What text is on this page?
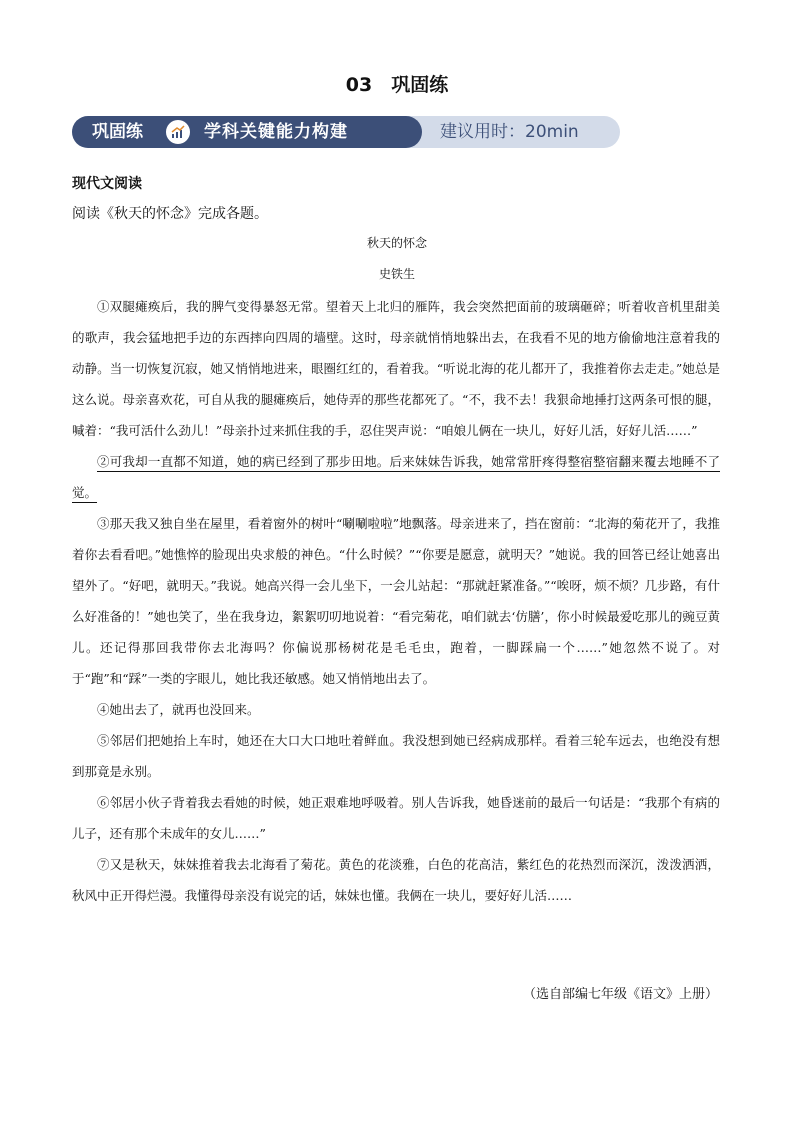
03　巩固练
巩固练	学科关键能力构建	建议用时：20min
现代文阅读
阅读《秋天的怀念》完成各题。
秋天的怀念
史铁生

①双腿瘫痪后，我的脾气变得暴怒无常。望着天上北归的雁阵，我会突然把面前的玻璃砸碎；听着收音机里甜美的歌声，我会猛地把手边的东西摔向四周的墙壁。这时，母亲就悄悄地躲出去，在我看不见的地方偷偷地注意着我的动静。当一切恢复沉寂，她又悄悄地进来，眼圈红红的，看着我。“听说北海的花儿都开了，我推着你去走走。”她总是这么说。母亲喜欢花，可自从我的腿瘫痪后，她侍弄的那些花都死了。“不，我不去！我狠命地捶打这两条可恨的腿，喊着：“我可活什么劲儿！”母亲扑过来抓住我的手，忍住哭声说：“咱娘儿俩在一块儿，好好儿活，好好儿活……”

②可我却一直都不知道，她的病已经到了那步田地。后来妹妹告诉我，她常常肝疼得整宿整宿翻来覆去地睡不了觉。

③那天我又独自坐在屋里，看着窗外的树叶“唰唰啦啦”地飘落。母亲进来了，挡在窗前：“北海的菊花开了，我推着你去看看吧。”她憔悴的脸现出央求般的神色。“什么时候？”“你要是愿意，就明天？”她说。我的回答已经让她喜出望外了。“好吧，就明天。”我说。她高兴得一会儿坐下，一会儿站起：“那就赶紧准备。”“唉呀，烦不烦？几步路，有什么好准备的！”她也笑了，坐在我身边，絮絮叨叨地说着：“看完菊花，咱们就去‘仿膳’，你小时候最爱吃那儿的豌豆黄儿。还记得那回我带你去北海吗？你偏说那杨树花是毛毛虫，跑着，一脚踩扁一个……”她忽然不说了。对于“跑”和“踩”一类的字眼儿，她比我还敏感。她又悄悄地出去了。

④她出去了，就再也没回来。

⑤邻居们把她抬上车时，她还在大口大口地吐着鲜血。我没想到她已经病成那样。看着三轮车远去，也绝没有想到那竟是永别。

⑥邻居小伙子背着我去看她的时候，她正艰难地呼吸着。别人告诉我，她昏迷前的最后一句话是：“我那个有病的儿子，还有那个未成年的女儿……”

⑦又是秋天，妹妹推着我去北海看了菊花。黄色的花淡雅，白色的花高洁，紫红色的花热烈而深沉，泼泼洒洒，秋风中正开得烂漫。我懂得母亲没有说完的话，妹妹也懂。我俩在一块儿，要好好儿活……

（选自部编七年级《语文》上册）
